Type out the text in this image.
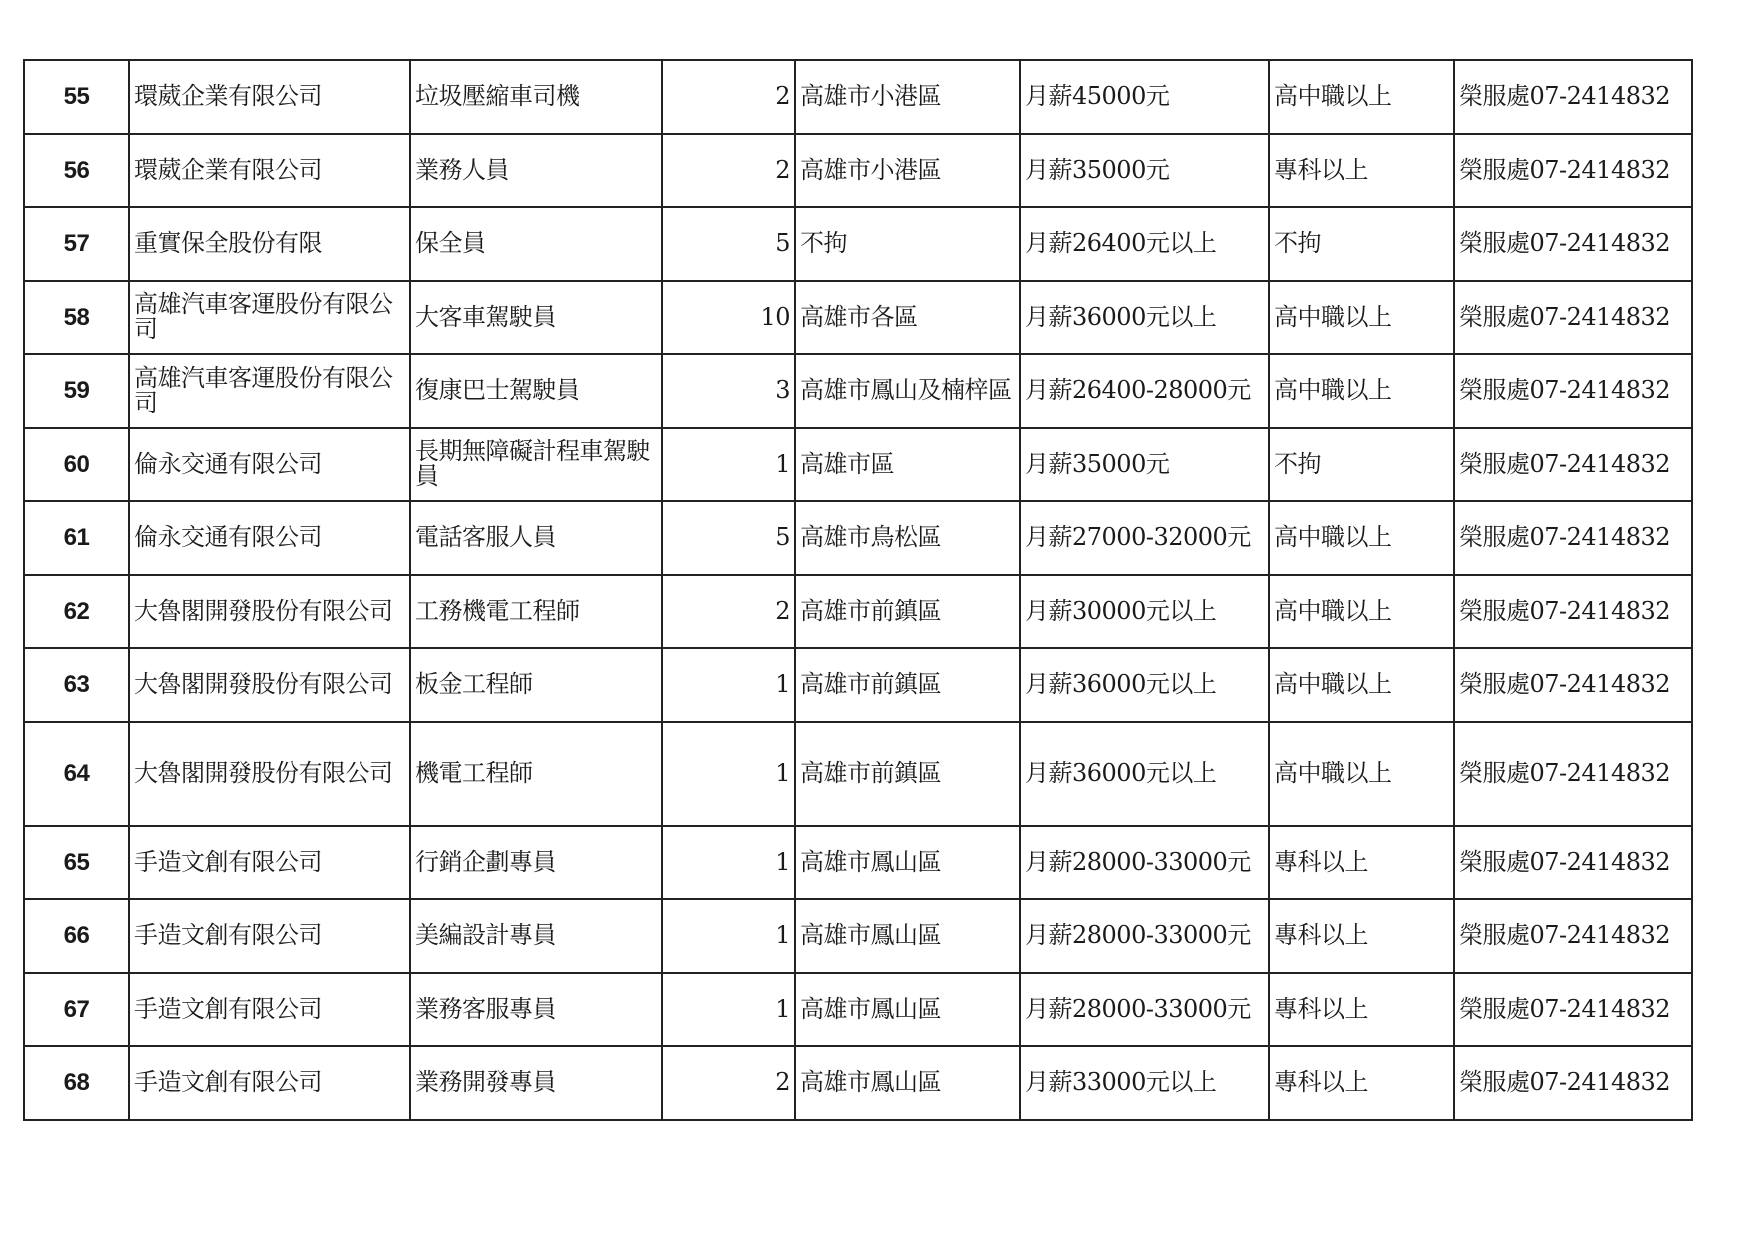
55	環葳企業有限公司	垃圾壓縮車司機	2	高雄市小港區	月薪45000元	高中職以上	榮服處07-2414832
56	環葳企業有限公司	業務人員	2	高雄市小港區	月薪35000元	專科以上	榮服處07-2414832
57	重實保全股份有限	保全員	5	不拘	月薪26400元以上	不拘	榮服處07-2414832
58	高雄汽車客運股份有限公司	大客車駕駛員	10	高雄市各區	月薪36000元以上	高中職以上	榮服處07-2414832
59	高雄汽車客運股份有限公司	復康巴士駕駛員	3	高雄市鳳山及楠梓區	月薪26400-28000元	高中職以上	榮服處07-2414832
60	倫永交通有限公司	長期無障礙計程車駕駛員	1	高雄市區	月薪35000元	不拘	榮服處07-2414832
61	倫永交通有限公司	電話客服人員	5	高雄市鳥松區	月薪27000-32000元	高中職以上	榮服處07-2414832
62	大魯閣開發股份有限公司	工務機電工程師	2	高雄市前鎮區	月薪30000元以上	高中職以上	榮服處07-2414832
63	大魯閣開發股份有限公司	板金工程師	1	高雄市前鎮區	月薪36000元以上	高中職以上	榮服處07-2414832
64	大魯閣開發股份有限公司	機電工程師	1	高雄市前鎮區	月薪36000元以上	高中職以上	榮服處07-2414832
65	手造文創有限公司	行銷企劃專員	1	高雄市鳳山區	月薪28000-33000元	專科以上	榮服處07-2414832
66	手造文創有限公司	美編設計專員	1	高雄市鳳山區	月薪28000-33000元	專科以上	榮服處07-2414832
67	手造文創有限公司	業務客服專員	1	高雄市鳳山區	月薪28000-33000元	專科以上	榮服處07-2414832
68	手造文創有限公司	業務開發專員	2	高雄市鳳山區	月薪33000元以上	專科以上	榮服處07-2414832
